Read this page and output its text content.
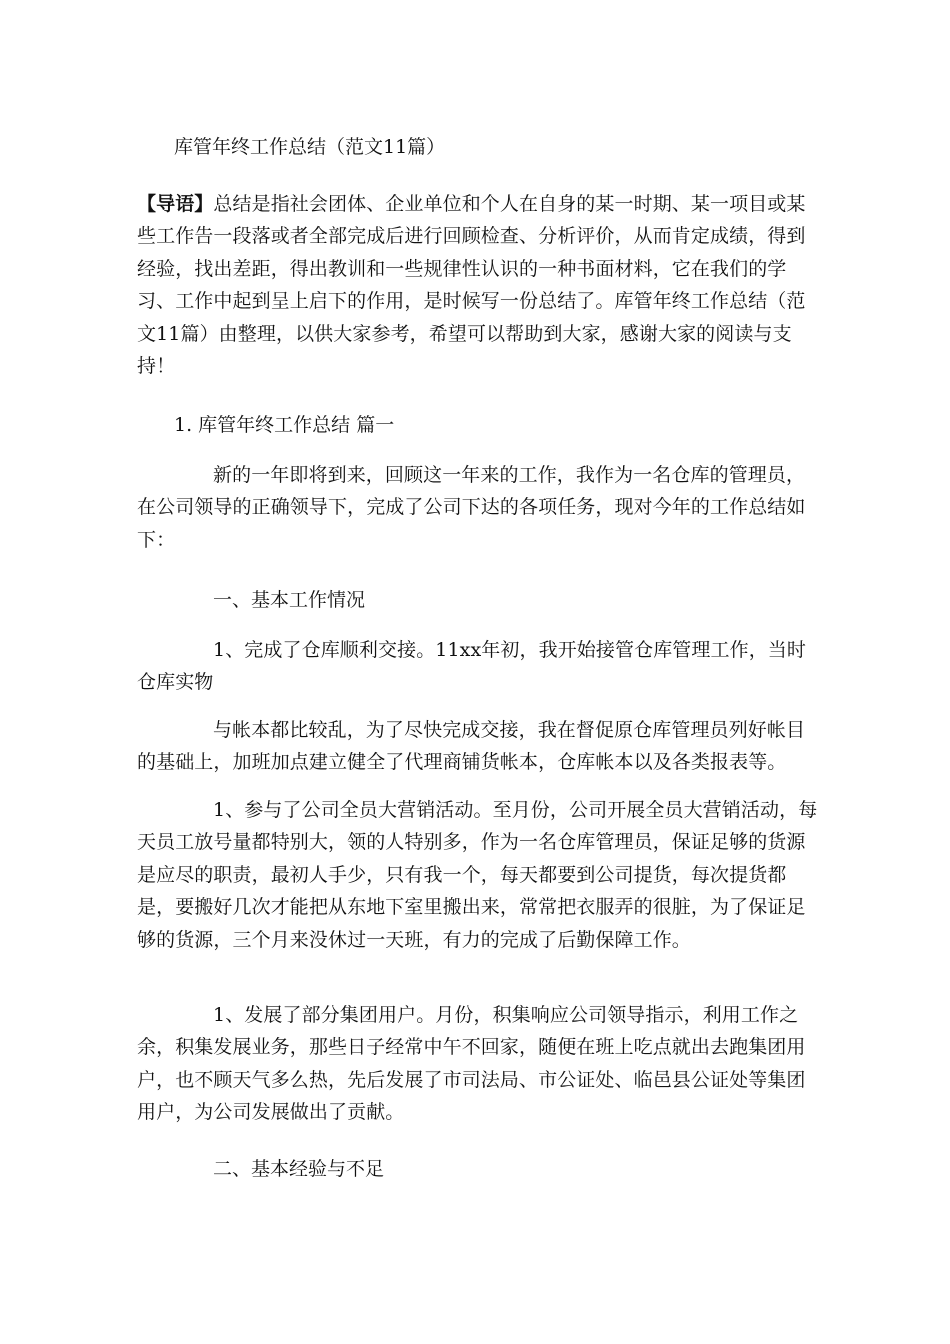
库管年终工作总结（范文11篇）

【导语】总结是指社会团体、企业单位和个人在自身的某一时期、某一项目或某些工作告一段落或者全部完成后进行回顾检查、分析评价，从而肯定成绩，得到经验，找出差距，得出教训和一些规律性认识的一种书面材料，它在我们的学习、工作中起到呈上启下的作用，是时候写一份总结了。库管年终工作总结（范文11篇）由整理，以供大家参考，希望可以帮助到大家，感谢大家的阅读与支持！

1. 库管年终工作总结 篇一

新的一年即将到来，回顾这一年来的工作，我作为一名仓库的管理员，在公司领导的正确领导下，完成了公司下达的各项任务，现对今年的工作总结如下：

一、基本工作情况

1、完成了仓库顺利交接。11xx年初，我开始接管仓库管理工作，当时仓库实物

与帐本都比较乱，为了尽快完成交接，我在督促原仓库管理员列好帐目的基础上，加班加点建立健全了代理商铺货帐本，仓库帐本以及各类报表等。

1、参与了公司全员大营销活动。至月份，公司开展全员大营销活动，每天员工放号量都特别大，领的人特别多，作为一名仓库管理员，保证足够的货源是应尽的职责，最初人手少，只有我一个，每天都要到公司提货，每次提货都是，要搬好几次才能把从东地下室里搬出来，常常把衣服弄的很脏，为了保证足够的货源，三个月来没休过一天班，有力的完成了后勤保障工作。

1、发展了部分集团用户。月份，积集响应公司领导指示，利用工作之余，积集发展业务，那些日子经常中午不回家，随便在班上吃点就出去跑集团用户，也不顾天气多么热，先后发展了市司法局、市公证处、临邑县公证处等集团用户，为公司发展做出了贡献。

二、基本经验与不足
